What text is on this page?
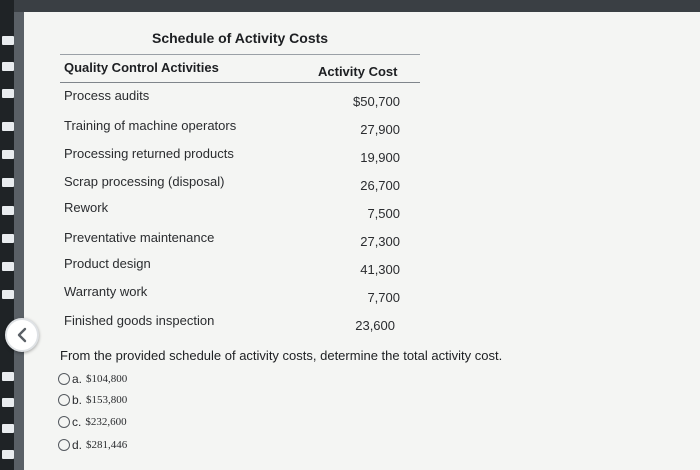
Schedule of Activity Costs
Quality Control Activities	Activity Cost
Process audits	$50,700
Training of machine operators	27,900
Processing returned products	19,900
Scrap processing (disposal)	26,700
Rework	7,500
Preventative maintenance	27,300
Product design	41,300
Warranty work	7,700
Finished goods inspection	23,600
From the provided schedule of activity costs, determine the total activity cost.
a. $104,800
b. $153,800
c. $232,600
d. $281,446
